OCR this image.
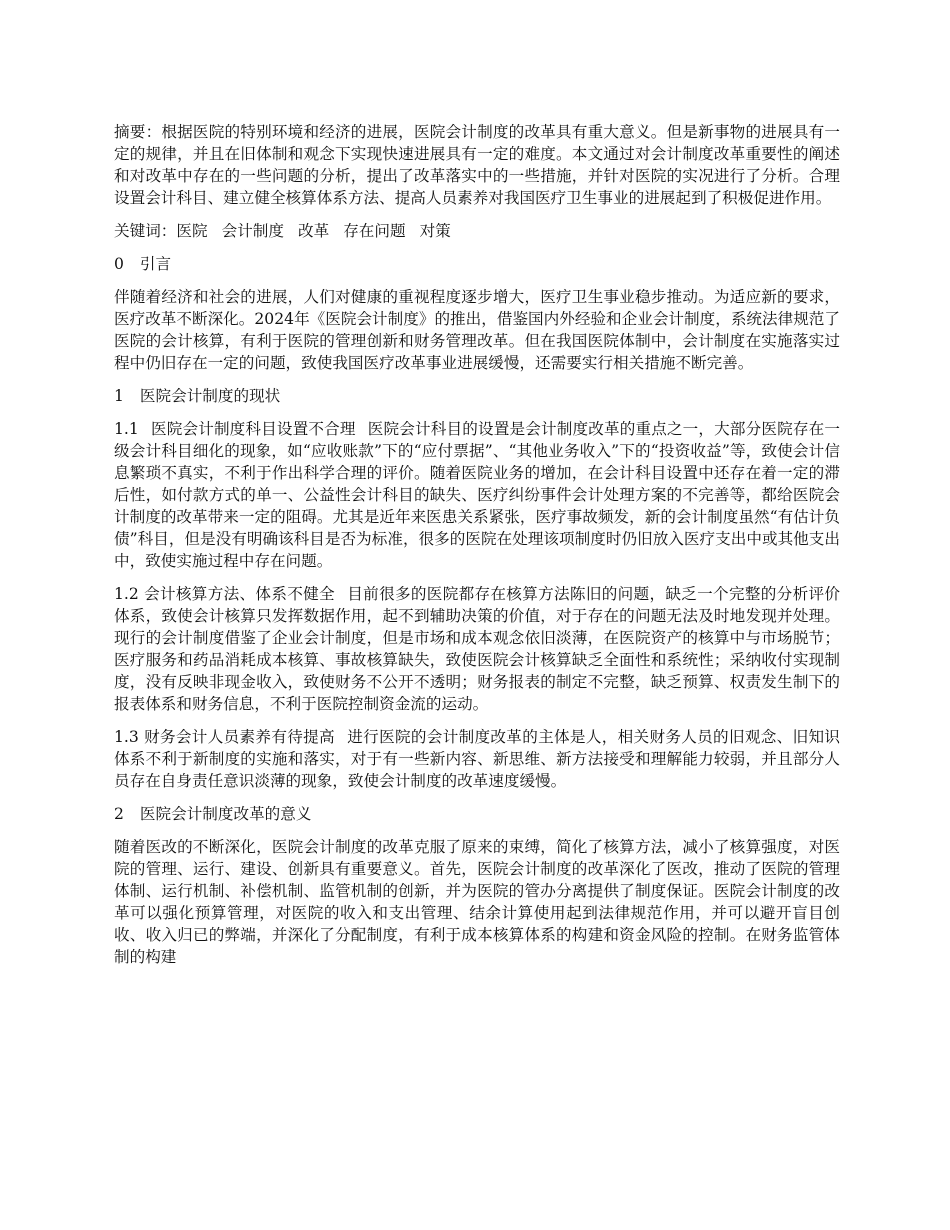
摘要：根据医院的特别环境和经济的进展，医院会计制度的改革具有重大意义。但是新事物的进展具有一定的规律，并且在旧体制和观念下实现快速进展具有一定的难度。本文通过对会计制度改革重要性的阐述和对改革中存在的一些问题的分析，提出了改革落实中的一些措施，并针对医院的实况进行了分析。合理设置会计科目、建立健全核算体系方法、提高人员素养对我国医疗卫生事业的进展起到了积极促进作用。

关键词：医院 会计制度 改革 存在问题 对策

0 引言

伴随着经济和社会的进展，人们对健康的重视程度逐步增大，医疗卫生事业稳步推动。为适应新的要求，医疗改革不断深化。2024年《医院会计制度》的推出，借鉴国内外经验和企业会计制度，系统法律规范了医院的会计核算，有利于医院的管理创新和财务管理改革。但在我国医院体制中，会计制度在实施落实过程中仍旧存在一定的问题，致使我国医疗改革事业进展缓慢，还需要实行相关措施不断完善。

1 医院会计制度的现状

1.1 医院会计制度科目设置不合理 医院会计科目的设置是会计制度改革的重点之一，大部分医院存在一级会计科目细化的现象，如“应收账款”下的“应付票据”、“其他业务收入”下的“投资收益”等，致使会计信息繁琐不真实，不利于作出科学合理的评价。随着医院业务的增加，在会计科目设置中还存在着一定的滞后性，如付款方式的单一、公益性会计科目的缺失、医疗纠纷事件会计处理方案的不完善等，都给医院会计制度的改革带来一定的阻碍。尤其是近年来医患关系紧张，医疗事故频发，新的会计制度虽然“有估计负债”科目，但是没有明确该科目是否为标准，很多的医院在处理该项制度时仍旧放入医疗支出中或其他支出中，致使实施过程中存在问题。

1.2 会计核算方法、体系不健全 目前很多的医院都存在核算方法陈旧的问题，缺乏一个完整的分析评价体系，致使会计核算只发挥数据作用，起不到辅助决策的价值，对于存在的问题无法及时地发现并处理。现行的会计制度借鉴了企业会计制度，但是市场和成本观念依旧淡薄，在医院资产的核算中与市场脱节；医疗服务和药品消耗成本核算、事故核算缺失，致使医院会计核算缺乏全面性和系统性；采纳收付实现制度，没有反映非现金收入，致使财务不公开不透明；财务报表的制定不完整，缺乏预算、权责发生制下的报表体系和财务信息，不利于医院控制资金流的运动。

1.3 财务会计人员素养有待提高 进行医院的会计制度改革的主体是人，相关财务人员的旧观念、旧知识体系不利于新制度的实施和落实，对于有一些新内容、新思维、新方法接受和理解能力较弱，并且部分人员存在自身责任意识淡薄的现象，致使会计制度的改革速度缓慢。

2 医院会计制度改革的意义

随着医改的不断深化，医院会计制度的改革克服了原来的束缚，简化了核算方法，减小了核算强度，对医院的管理、运行、建设、创新具有重要意义。首先，医院会计制度的改革深化了医改，推动了医院的管理体制、运行机制、补偿机制、监管机制的创新，并为医院的管办分离提供了制度保证。医院会计制度的改革可以强化预算管理，对医院的收入和支出管理、结余计算使用起到法律规范作用，并可以避开盲目创收、收入归已的弊端，并深化了分配制度，有利于成本核算体系的构建和资金风险的控制。在财务监管体制的构建
